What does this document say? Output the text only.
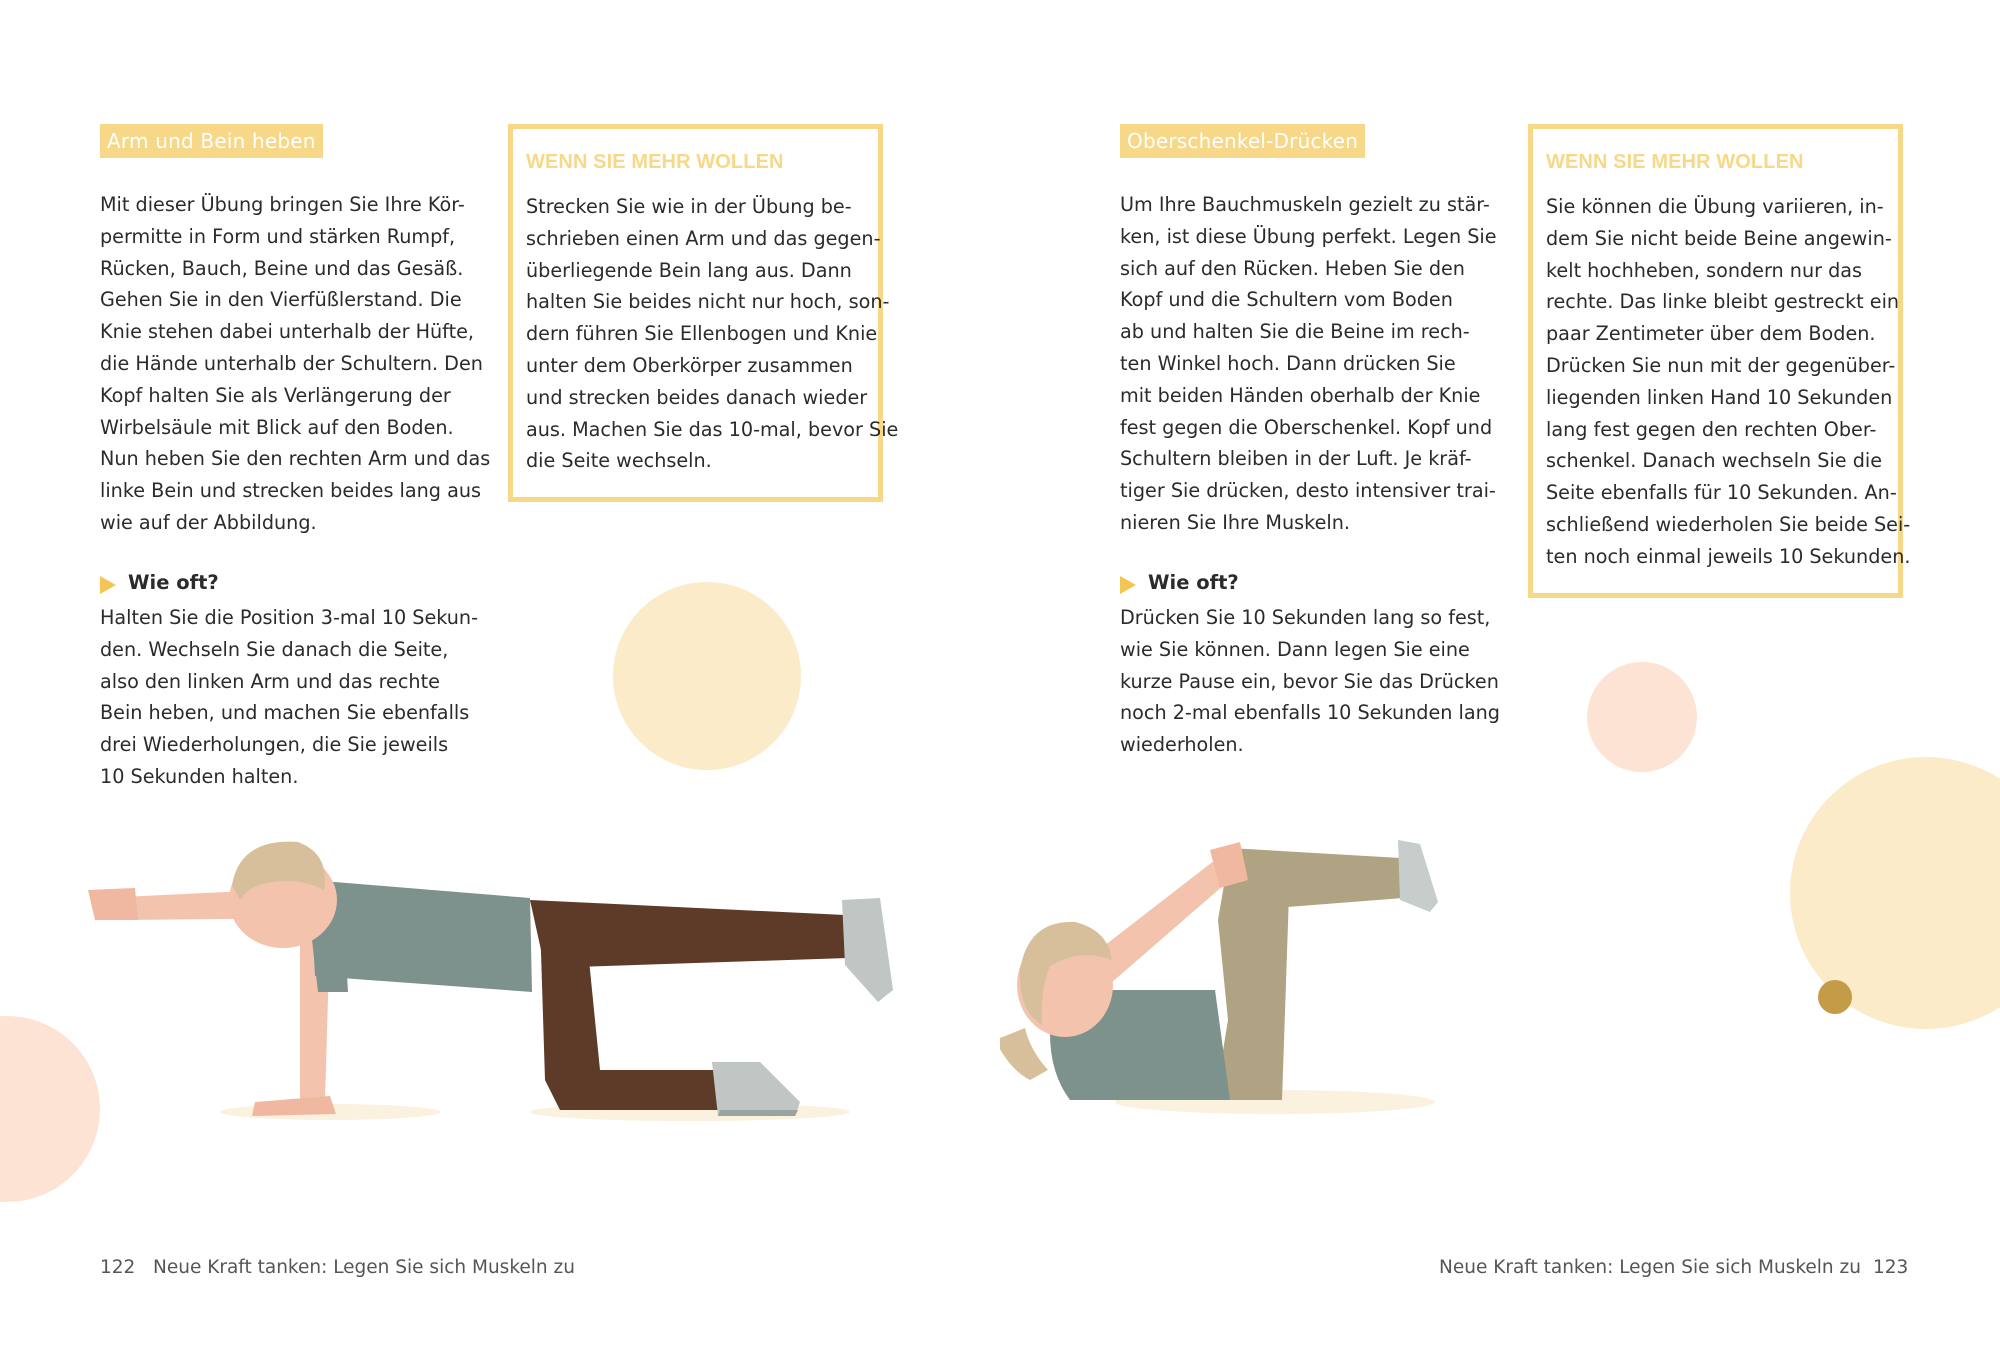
Arm und Bein heben

Mit dieser Übung bringen Sie Ihre Kör-
permitte in Form und stärken Rumpf,
Rücken, Bauch, Beine und das Gesäß.
Gehen Sie in den Vierfüßlerstand. Die
Knie stehen dabei unterhalb der Hüfte,
die Hände unterhalb der Schultern. Den
Kopf halten Sie als Verlängerung der
Wirbelsäule mit Blick auf den Boden.
Nun heben Sie den rechten Arm und das
linke Bein und strecken beides lang aus
wie auf der Abbildung.

Wie oft?

Halten Sie die Position 3-mal 10 Sekun-
den. Wechseln Sie danach die Seite,
also den linken Arm und das rechte
Bein heben, und machen Sie ebenfalls
drei Wiederholungen, die Sie jeweils
10 Sekunden halten.

WENN SIE MEHR WOLLEN

Strecken Sie wie in der Übung be-
schrieben einen Arm und das gegen-
überliegende Bein lang aus. Dann
halten Sie beides nicht nur hoch, son-
dern führen Sie Ellenbogen und Knie
unter dem Oberkörper zusammen
und strecken beides danach wieder
aus. Machen Sie das 10-mal, bevor Sie
die Seite wechseln.

122 Neue Kraft tanken: Legen Sie sich Muskeln zu
Oberschenkel-Drücken

Um Ihre Bauchmuskeln gezielt zu stär-
ken, ist diese Übung perfekt. Legen Sie
sich auf den Rücken. Heben Sie den
Kopf und die Schultern vom Boden
ab und halten Sie die Beine im rech-
ten Winkel hoch. Dann drücken Sie
mit beiden Händen oberhalb der Knie
fest gegen die Oberschenkel. Kopf und
Schultern bleiben in der Luft. Je kräf-
tiger Sie drücken, desto intensiver trai-
nieren Sie Ihre Muskeln.

Wie oft?

Drücken Sie 10 Sekunden lang so fest,
wie Sie können. Dann legen Sie eine
kurze Pause ein, bevor Sie das Drücken
noch 2-mal ebenfalls 10 Sekunden lang
wiederholen.

WENN SIE MEHR WOLLEN

Sie können die Übung variieren, in-
dem Sie nicht beide Beine angewin-
kelt hochheben, sondern nur das
rechte. Das linke bleibt gestreckt ein
paar Zentimeter über dem Boden.
Drücken Sie nun mit der gegenüber-
liegenden linken Hand 10 Sekunden
lang fest gegen den rechten Ober-
schenkel. Danach wechseln Sie die
Seite ebenfalls für 10 Sekunden. An-
schließend wiederholen Sie beide Sei-
ten noch einmal jeweils 10 Sekunden.

Neue Kraft tanken: Legen Sie sich Muskeln zu 123
